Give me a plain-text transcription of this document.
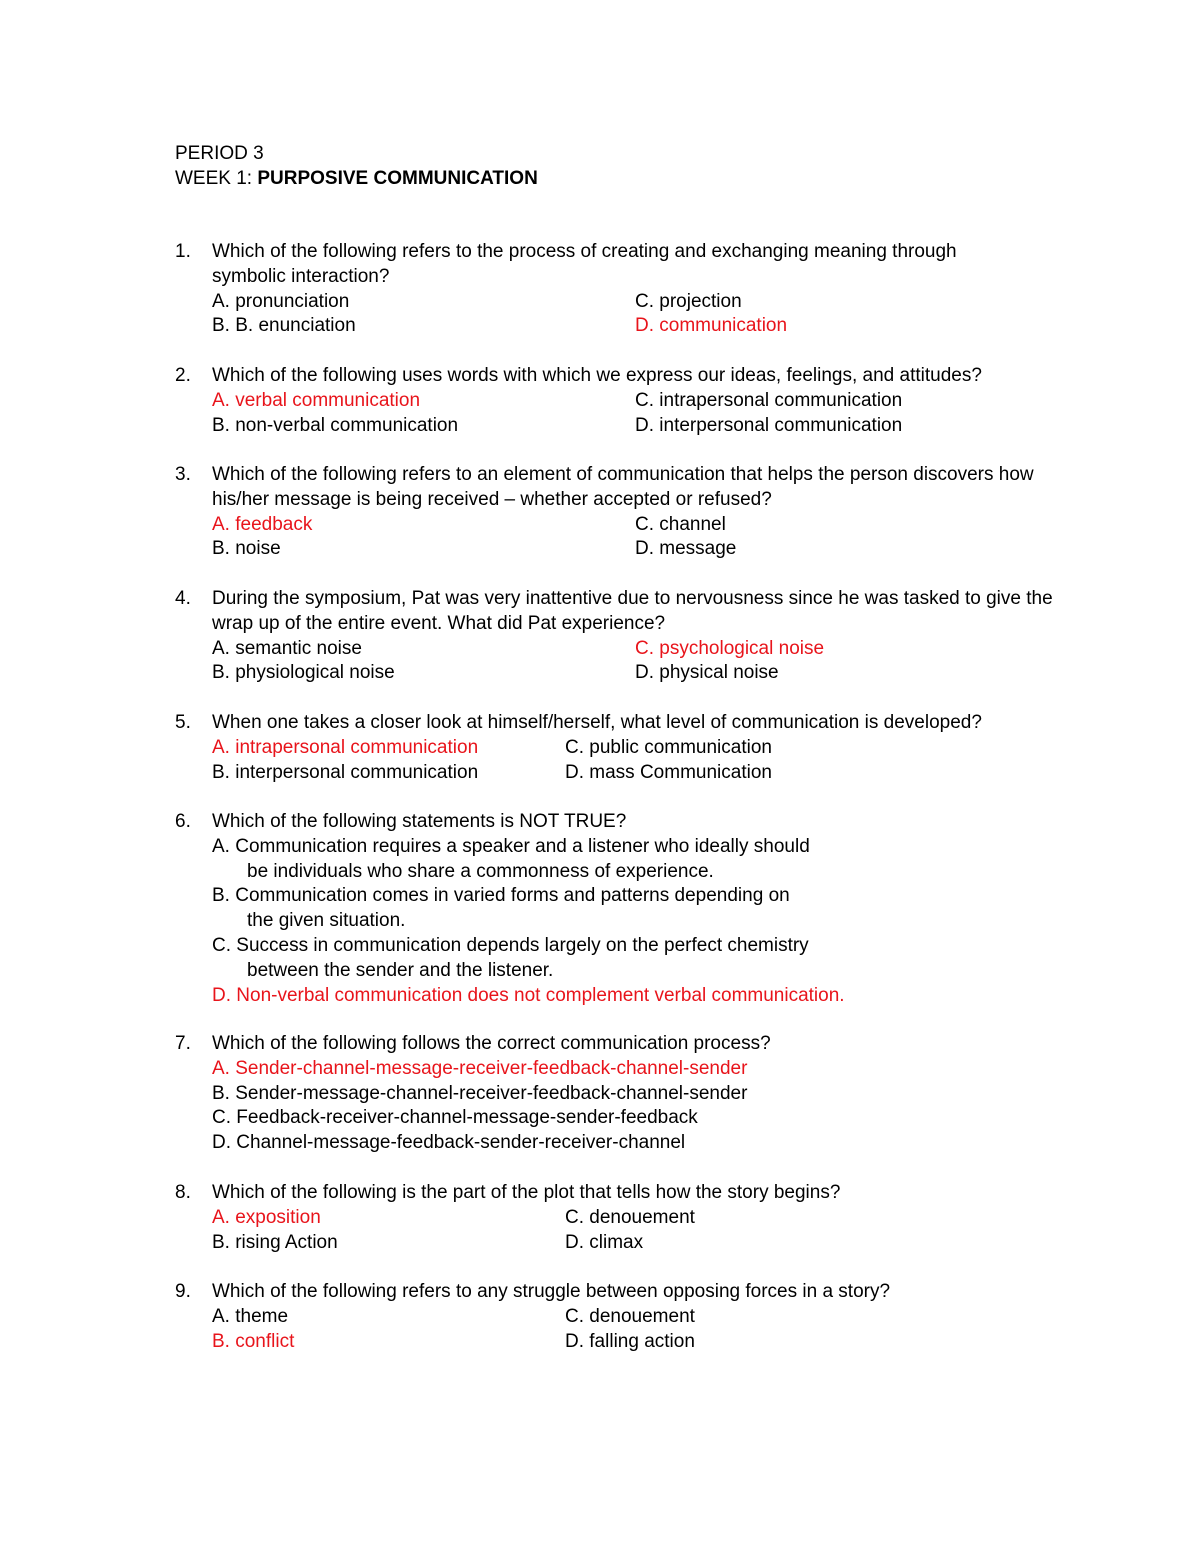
PERIOD 3
WEEK 1: PURPOSIVE COMMUNICATION
1. Which of the following refers to the process of creating and exchanging meaning through symbolic interaction?
A. pronunciation	C. projection
B. B. enunciation	D. communication
2. Which of the following uses words with which we express our ideas, feelings, and attitudes?
A. verbal communication	C. intrapersonal communication
B. non-verbal communication	D. interpersonal communication
3. Which of the following refers to an element of communication that helps the person discovers how his/her message is being received – whether accepted or refused?
A. feedback	C. channel
B. noise	D. message
4. During the symposium, Pat was very inattentive due to nervousness since he was tasked to give the wrap up of the entire event. What did Pat experience?
A. semantic noise	C. psychological noise
B. physiological noise	D. physical noise
5. When one takes a closer look at himself/herself, what level of communication is developed?
A. intrapersonal communication	C. public communication
B. interpersonal communication	D. mass Communication
6. Which of the following statements is NOT TRUE?
A. Communication requires a speaker and a listener who ideally should
be individuals who share a commonness of experience.
B. Communication comes in varied forms and patterns depending on
the given situation.
C. Success in communication depends largely on the perfect chemistry
between the sender and the listener.
D. Non-verbal communication does not complement verbal communication.
7. Which of the following follows the correct communication process?
A. Sender-channel-message-receiver-feedback-channel-sender
B. Sender-message-channel-receiver-feedback-channel-sender
C. Feedback-receiver-channel-message-sender-feedback
D. Channel-message-feedback-sender-receiver-channel
8. Which of the following is the part of the plot that tells how the story begins?
A. exposition	C. denouement
B. rising Action	D. climax
9. Which of the following refers to any struggle between opposing forces in a story?
A. theme	C. denouement
B. conflict	D. falling action
